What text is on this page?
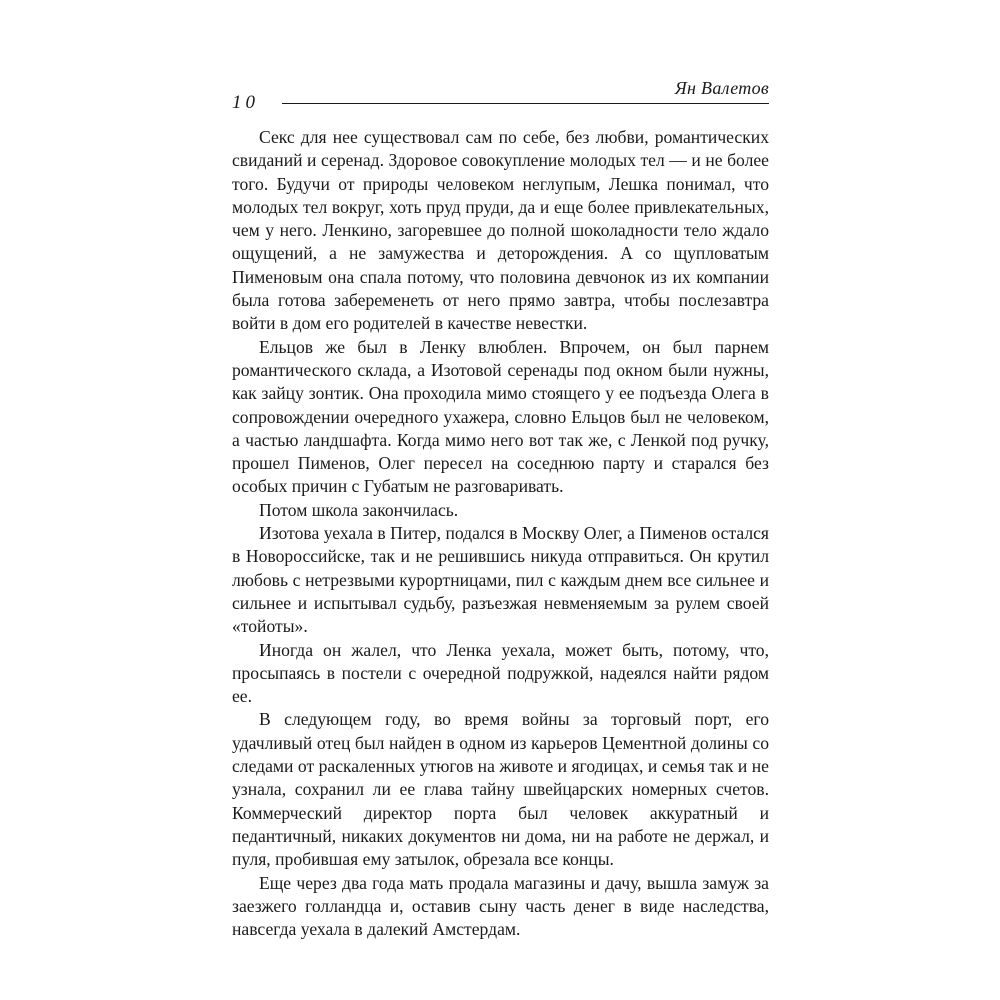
Ян Валетов
10

Секс для нее существовал сам по себе, без любви, романтических свиданий и серенад. Здоровое совокупление молодых тел — и не более того. Будучи от природы человеком неглупым, Лешка понимал, что молодых тел вокруг, хоть пруд пруди, да и еще более привлекательных, чем у него. Ленкино, загоревшее до полной шоколадности тело ждало ощущений, а не замужества и деторождения. А со щупловатым Пименовым она спала потому, что половина девчонок из их компании была готова забеременеть от него прямо завтра, чтобы послезавтра войти в дом его родителей в качестве невестки.

Ельцов же был в Ленку влюблен. Впрочем, он был парнем романтического склада, а Изотовой серенады под окном были нужны, как зайцу зонтик. Она проходила мимо стоящего у ее подъезда Олега в сопровождении очередного ухажера, словно Ельцов был не человеком, а частью ландшафта. Когда мимо него вот так же, с Ленкой под ручку, прошел Пименов, Олег пересел на соседнюю парту и старался без особых причин с Губатым не разговаривать.

Потом школа закончилась.

Изотова уехала в Питер, подался в Москву Олег, а Пименов остался в Новороссийске, так и не решившись никуда отправиться. Он крутил любовь с нетрезвыми курортницами, пил с каждым днем все сильнее и сильнее и испытывал судьбу, разъезжая невменяемым за рулем своей «тойоты».

Иногда он жалел, что Ленка уехала, может быть, потому, что, просыпаясь в постели с очередной подружкой, надеялся найти рядом ее.

В следующем году, во время войны за торговый порт, его удачливый отец был найден в одном из карьеров Цементной долины со следами от раскаленных утюгов на животе и ягодицах, и семья так и не узнала, сохранил ли ее глава тайну швейцарских номерных счетов. Коммерческий директор порта был человек аккуратный и педантичный, никаких документов ни дома, ни на работе не держал, и пуля, пробившая ему затылок, обрезала все концы.

Еще через два года мать продала магазины и дачу, вышла замуж за заезжего голландца и, оставив сыну часть денег в виде наследства, навсегда уехала в далекий Амстердам.
